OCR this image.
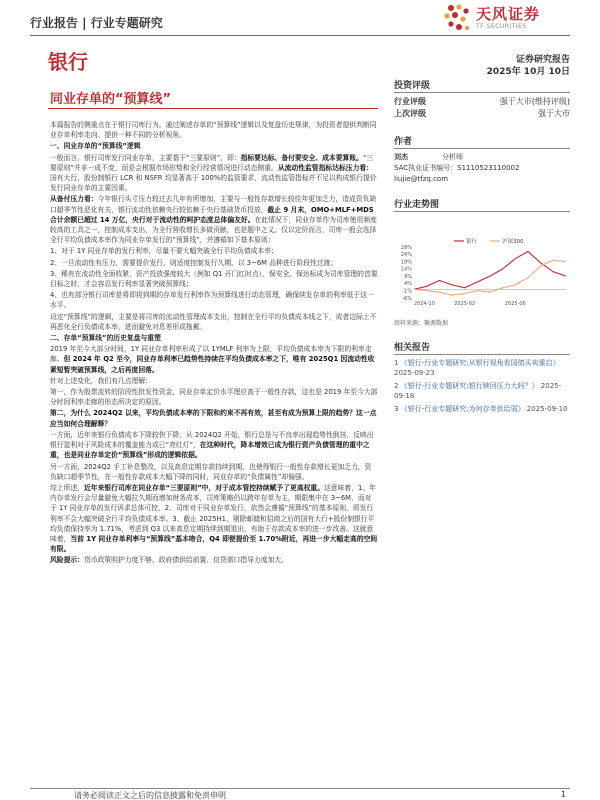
行业报告 | 行业专题研究	天风证券
TF SECURITIES
银行	证券研究报告
2025年 10月 10日
同业存单的“预算线”

本篇报告的侧重点在于银行司库行为。通过阐述存单的“预算线”逻辑以及复盘历史规律，为投资者提供判断同业存单利率走向、提供一种不同的分析视角。

一、同业存单的“预算线”逻辑

一般而言，银行司库发行同业存单，主要基于“三要原则”，即：指标要达标、备付要安全、成本要算账。“三要原则”并非一成不变，而是会根据市场形势和全行经营情况进行动态侧重。从流动性监管指标达标压力看：国有大行、股份制银行 LCR 和 NSFR 均显著高于 100%的监管要求，流动性监管指标并不足以构成银行提价发行同业存单的主要因素。

从备付压力看：今年银行头寸压力较过去几年有所增加，主要与一般性存款增长较往年更加乏力，造成资负缺口超季节性恶化有关，银行流动性依赖央行较依赖于央行基础货币投放，截止 9 月末，OMO+MLF+MDS 合计余额已超过 14 万亿，央行对于流动性的呵护态度总体偏友好。在此情况下，同业存单作为司库使用频度较高的工具之一，控制成本支出，为全行营收增长多做贡献，也是题中之义。仅以定价而言，司库一般会选择全行平均负债成本率作为同业存单发行的“预算线”，并遵循如下基本原则：

1、对于 1Y 同业存单的发行利率，尽量不要大幅突破全行平均负债成本率；

2、一旦流动性有压力，需要提价发行，则适度控制发行久期，以 3~6M 品种进行阶段性过渡；

3、稀有在流动性全面收紧，资产投放强度较大（例如 Q1 开门红时点），保安全、保达标成为司库管理的首要目标之时，才会容忍发行利率显著突破预算线；

4、也有部分银行司库是将即将到期的存单发行利率作为预算线进行动态管理，确保续发存单的利率低于这一水平。

设定“预算线”的逻辑，主要是将司库的流动性管理成本支出，控制在全行平均负债成本线之下，或者边际上不再恶化全行负债成本率，进而避免对息差形成拖累。

二、存单“预算线”的历史复盘与重塑

2019 年至今大部分时间，1Y 同业存单利率形成了以 1YMLF 利率为上限，平均负债成本率为下限的利率走廊。但 2024 年 Q2 至今，同业存单利率已趋势性持续在平均负债成本率之下，唯有 2025Q1 因流动性收紧短暂突破预算线，之后再度回落。

针对上述变化，我们有几点理解：

第一，作为股票流转的阶段性批发性资金，同业存单定价水平理应高于一般性存款，这也是 2019 年至今大部分时间利率走廊的形态所决定的原因。

第二，为什么 2024Q2 以来，平均负债成本率的下限和约束不再有效，甚至有成为预算上限的趋势？这一点应当如何合理解释？

一方面，近年来银行负债成本下降较快下降，从 2024Q2 开始，银行总是与不良率出现趋势性倒挂，反映出银行盈利对于风险成本的覆盖能力或已“亮红灯”，在这种时代，降本增效已成为银行资产负债管理的重中之重，也是同业存单定价“预算线”形成的逻辑依据。

另一方面，2024Q2 手工补息整改，以及高息定期存款持续到期，也使得银行一般性存款增长更加乏力，资负缺口超季节性，在一般性存款成本大幅下降的同时，同业存单的“负债属性”却偏强。

综上所述，近年来银行司库在同业存单“三要原则”中，对于成本管控持续赋予了更高权重。这意味着，1、年内存单发行会尽量避免大幅拉久期而增加财务成本，司库策略仍以跨年存单为主，期限集中在 3~6M，而对于 1Y 同业存单的发行诉求总体可控，2、司库对于同业存单发行，依然会遵循“预算线”的基本原则，即发行利率不会大幅突破全行平均负债成本率。3、截止 2025H1，剔除邮储和招商之后的国有大行+股份制银行平均负债保持率为 1.71%，考虑到 Q3 以来高息定期持续到期退出，有助于存款成本率的进一步改善。这就意味着，当前 1Y 同业存单利率与“预算线”基本吻合，Q4 即便提价至 1.70%附近，再进一步大幅走高的空间有限。

风险提示：货币政策明护力度不够、政府债供给前置、信贷需口指导力度加大。

投资评级
行业评级	强于大市(维持评级)
上次评级	强于大市
作者
刘杰	分析师
SAC执业证书编号：S1110523110002
liujie@tfzq.com
行业走势图
银行	沪深300
29%
24%
19%
14%
9%
4%
-1%
-6%
2024-10	2025-02	2025-06
资料来源：聚源数据
相关报告
1 《银行-行业专题研究:从银行视角看国债买卖重启》 2025-09-23
2 《银行-行业专题研究:银行赎回压力大吗？》 2025-09-18
3 《银行-行业专题研究:为何存单供给弱》 2025-09-10
请务必阅读正文之后的信息披露和免责申明	1
